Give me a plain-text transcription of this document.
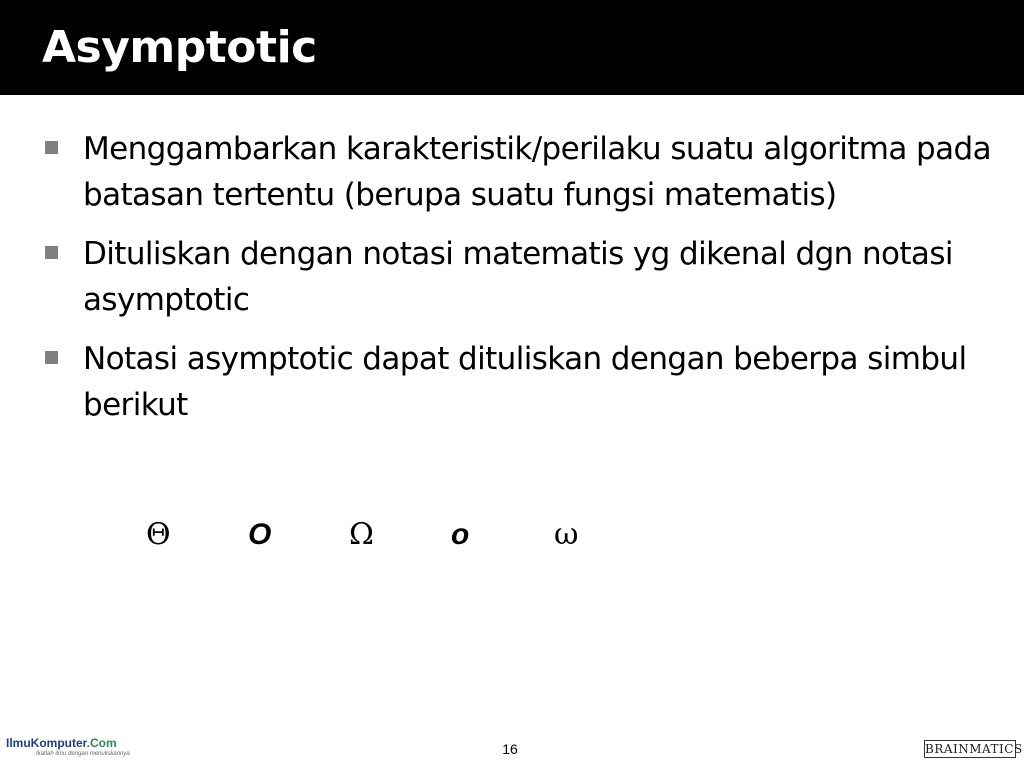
Asymptotic
Menggambarkan karakteristik/perilaku suatu algoritma pada batasan tertentu (berupa suatu fungsi matematis)
Dituliskan dengan notasi matematis yg dikenal dgn notasi asymptotic
Notasi asymptotic dapat dituliskan dengan beberpa simbul berikut
Θ	O	Ω	o	ω
IlmuKomputer.Com
Ikatlah ilmu dengan menuliskannya	16	BRAINMATICS
